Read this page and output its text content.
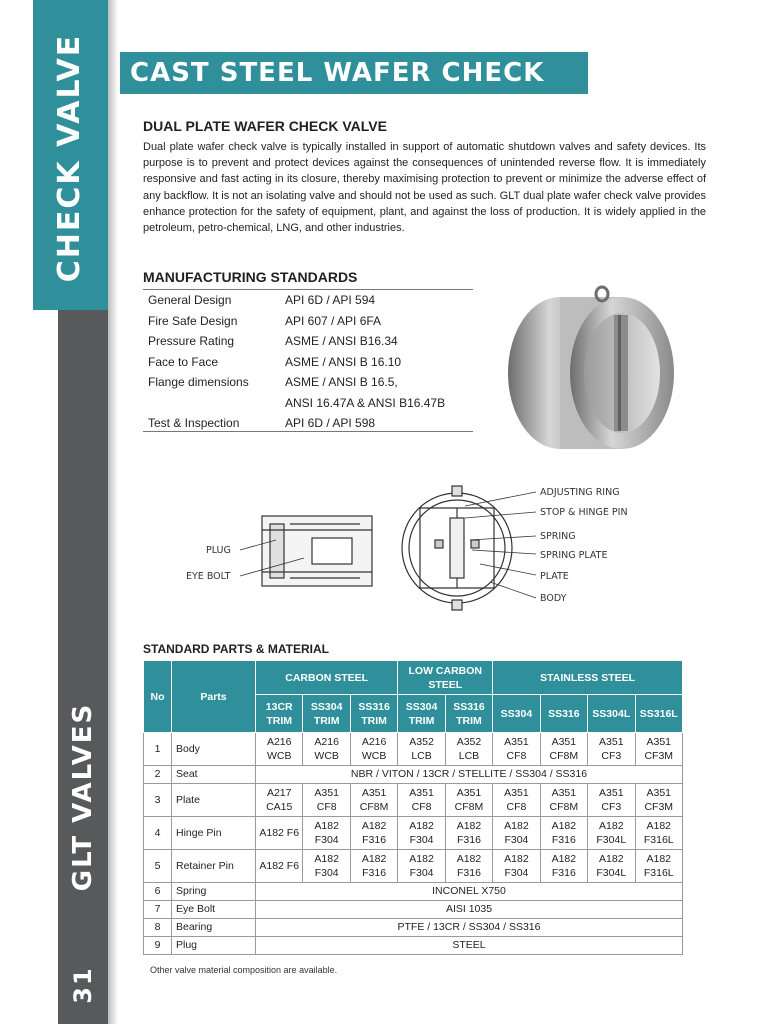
CHECK VALVE
GLT VALVES
31
CAST STEEL WAFER CHECK
DUAL PLATE WAFER CHECK VALVE
Dual plate wafer check valve is typically installed in support of automatic shutdown valves and safety devices. Its purpose is to prevent and protect devices against the consequences of unintended reverse flow. It is immediately responsive and fast acting in its closure, thereby maximising protection to prevent or minimize the adverse effect of any backflow. It is not an isolating valve and should not be used as such. GLT dual plate wafer check valve provides enhance protection for the safety of equipment, plant, and against the loss of production. It is widely applied in the petroleum, petro-chemical, LNG, and other industries.
MANUFACTURING STANDARDS
General Design	API 6D / API 594
Fire Safe Design	API 607 / API 6FA
Pressure Rating	ASME / ANSI B16.34
Face to Face	ASME / ANSI B 16.10
Flange dimensions	ASME / ANSI B 16.5,
ANSI 16.47A & ANSI B16.47B
Test & Inspection	API 6D / API 598
PLUG
EYE BOLT
ADJUSTING RING
STOP & HINGE PIN
SPRING
SPRING PLATE
PLATE
BODY
STANDARD PARTS & MATERIAL
No	Parts	CARBON STEEL			LOW CARBON STEEL		STAINLESS STEEL			
		13CR TRIM	SS304 TRIM	SS316 TRIM	SS304 TRIM	SS316 TRIM	SS304	SS316	SS304L	SS316L
1	Body	A216 WCB	A216 WCB	A216 WCB	A352 LCB	A352 LCB	A351 CF8	A351 CF8M	A351 CF3	A351 CF3M
2	Seat	NBR / VITON / 13CR / STELLITE / SS304 / SS316								
3	Plate	A217 CA15	A351 CF8	A351 CF8M	A351 CF8	A351 CF8M	A351 CF8	A351 CF8M	A351 CF3	A351 CF3M
4	Hinge Pin	A182 F6	A182 F304	A182 F316	A182 F304	A182 F316	A182 F304	A182 F316	A182 F304L	A182 F316L
5	Retainer Pin	A182 F6	A182 F304	A182 F316	A182 F304	A182 F316	A182 F304	A182 F316	A182 F304L	A182 F316L
6	Spring	INCONEL X750								
7	Eye Bolt	AISI 1035								
8	Bearing	PTFE / 13CR / SS304 / SS316								
9	Plug	STEEL								
Other valve material composition are available.
